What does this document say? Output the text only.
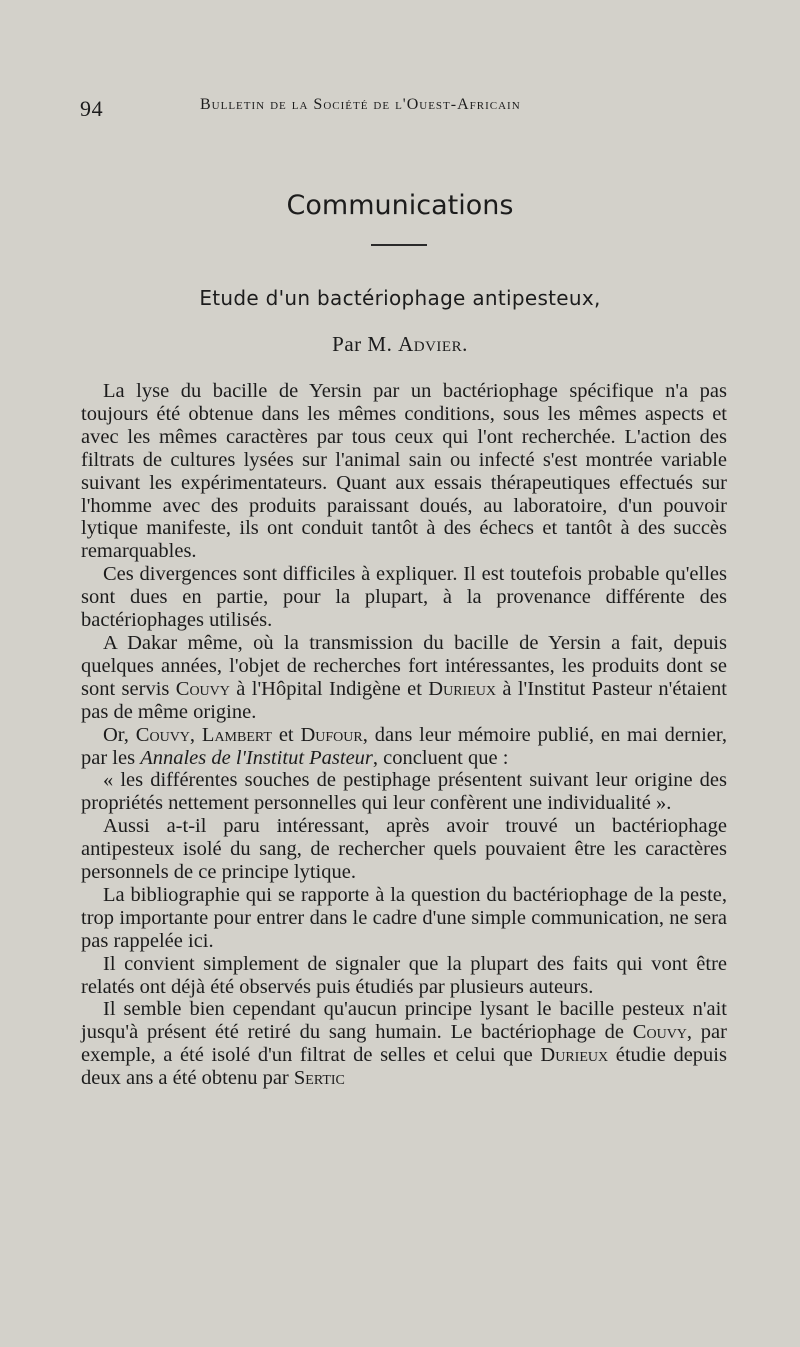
94	Bulletin de la Société de l'Ouest-Africain
Communications
Etude d'un bactériophage antipesteux,
Par M. Advier.

La lyse du bacille de Yersin par un bactériophage spécifique n'a pas toujours été obtenue dans les mêmes conditions, sous les mêmes aspects et avec les mêmes caractères par tous ceux qui l'ont recherchée. L'action des filtrats de cultures lysées sur l'animal sain ou infecté s'est montrée variable suivant les expérimentateurs. Quant aux essais thérapeutiques effectués sur l'homme avec des produits paraissant doués, au laboratoire, d'un pouvoir lytique manifeste, ils ont conduit tantôt à des échecs et tantôt à des succès remarquables.

Ces divergences sont difficiles à expliquer. Il est toutefois probable qu'elles sont dues en partie, pour la plupart, à la provenance différente des bactériophages utilisés.

A Dakar même, où la transmission du bacille de Yersin a fait, depuis quelques années, l'objet de recherches fort intéressantes, les produits dont se sont servis Couvy à l'Hôpital Indigène et Durieux à l'Institut Pasteur n'étaient pas de même origine.

Or, Couvy, Lambert et Dufour, dans leur mémoire publié, en mai dernier, par les Annales de l'Institut Pasteur, concluent que :

« les différentes souches de pestiphage présentent suivant leur origine des propriétés nettement personnelles qui leur confèrent une individualité ».

Aussi a-t-il paru intéressant, après avoir trouvé un bactériophage antipesteux isolé du sang, de rechercher quels pouvaient être les caractères personnels de ce principe lytique.

La bibliographie qui se rapporte à la question du bactériophage de la peste, trop importante pour entrer dans le cadre d'une simple communication, ne sera pas rappelée ici.

Il convient simplement de signaler que la plupart des faits qui vont être relatés ont déjà été observés puis étudiés par plusieurs auteurs.

Il semble bien cependant qu'aucun principe lysant le bacille pesteux n'ait jusqu'à présent été retiré du sang humain. Le bactériophage de Couvy, par exemple, a été isolé d'un filtrat de selles et celui que Durieux étudie depuis deux ans a été obtenu par Sertic
